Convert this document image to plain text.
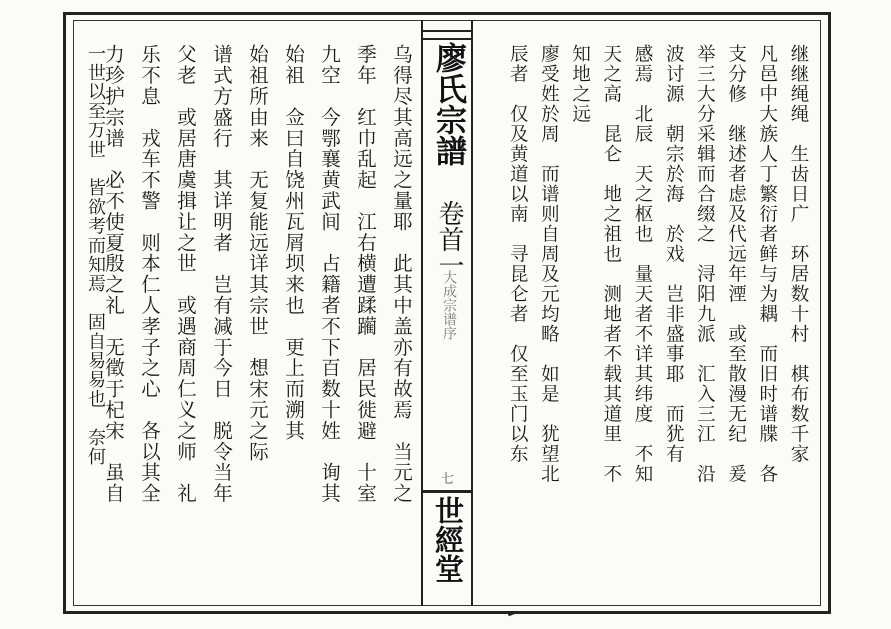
廖氏宗譜
卷首一
大成宗谱序
七
世經堂
继继绳绳　生齿日广　环居数十村　棋布数千家
凡邑中大族人丁繁衍者鲜与为耦　而旧时谱牒　各
支分修　继述者虑及代远年湮　或至散漫无纪　爰
举三大分采辑而合缀之　浔阳九派　汇入三江　沿
波讨源　朝宗於海　於戏　岂非盛事耶　而犹有
感焉　北辰　天之枢也　量天者不详其纬度　不知
天之高　昆仑　地之祖也　测地者不载其道里　不
知地之远
廖受姓於周　而谱则自周及元均略　如是　犹望北
乌得尽其高远之量耶　此其中盖亦有故焉　当元之
季年　红巾乱起　江右横遭蹂躏　居民徙避　十室
九空　今鄂襄黄武间　占籍者不下百数十姓　询其
始祖　佥曰自饶州瓦屑坝来也　更上而溯其
始祖所由来　无复能远详其宗世　想宋元之际
谱式方盛行　其详明者　岂有减于今日　脱令当年
父老　或居唐虞揖让之世　或遇商周仁义之师　礼
乐不息　戎车不警　则本仁人孝子之心　各以其全
力珍护宗谱　必不使夏殷之礼　无徵于杞宋　虽自
一世以至万世　皆欲考而知焉　固自易易也　奈何	辰者　仅及黄道以南　寻昆仑者　仅至玉门以东
